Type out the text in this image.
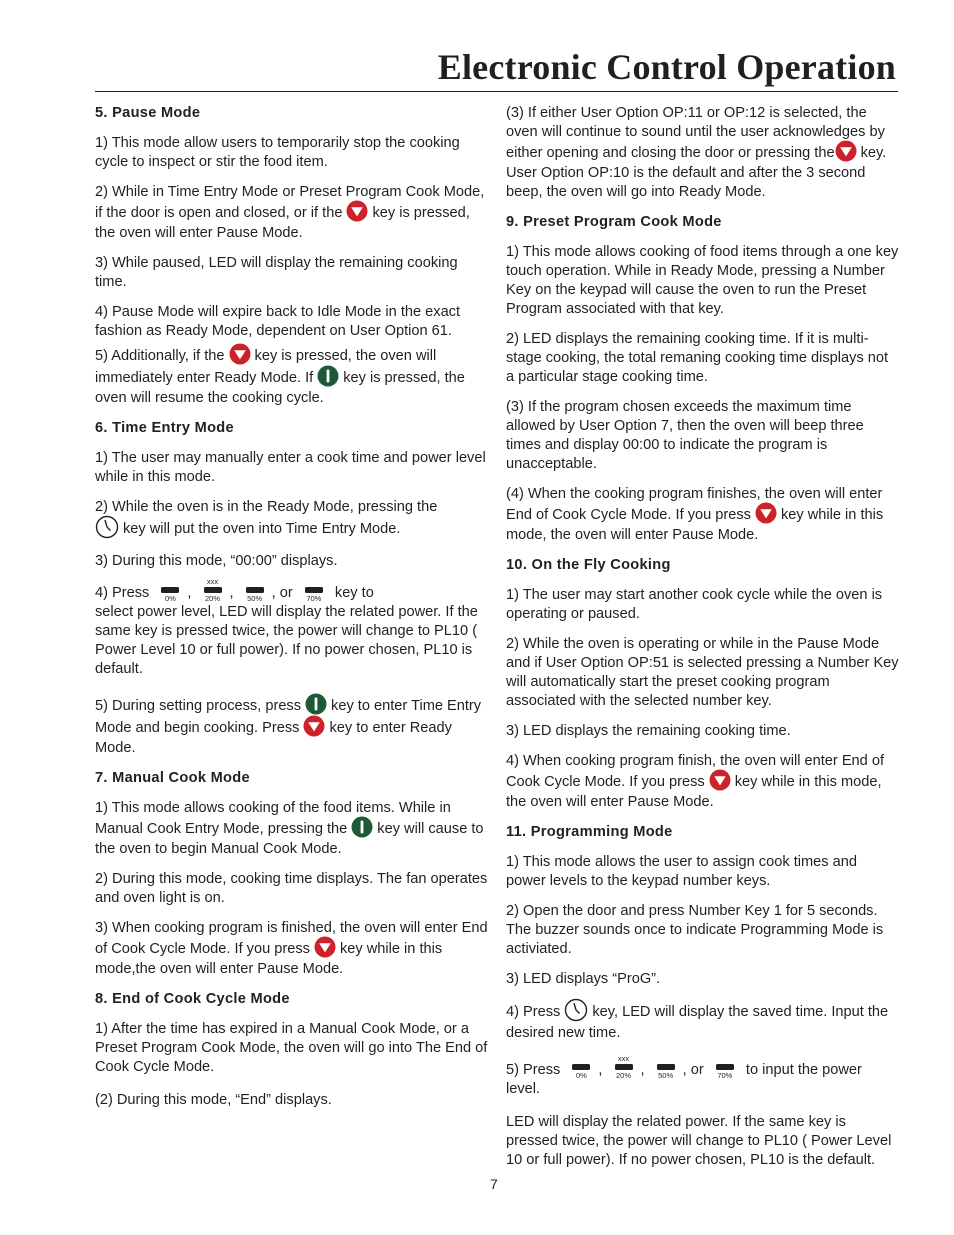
Electronic Control Operation
5. Pause Mode

1) This mode allow users to temporarily stop the cooking cycle to inspect or stir the food item.

2) While in Time Entry Mode or Preset Program Cook Mode, if the door is open and closed, or if the key is pressed, the oven will enter Pause Mode.

3) While paused, LED will display the remaining cooking time.

4) Pause Mode will expire back to Idle Mode in the exact fashion as Ready Mode, dependent on User Option 61.

5) Additionally, if the key is pressed, the oven will immediately enter Ready Mode. If key is pressed, the oven will resume the cooking cycle.

6. Time Entry Mode

1) The user may manually enter a cook time and power level while in this mode.

2) While the oven is in the Ready Mode, pressing the
key will put the oven into Time Entry Mode.

3) During this mode, “00:00” displays.

4) Press	0% ,
xxx
20% ,	50% , or	70% key to
select power level, LED will display the related power. If the same key is pressed twice, the power will change to PL10 ( Power Level 10 or full power). If no power chosen, PL10 is default.

5) During setting process, press key to enter Time Entry Mode and begin cooking. Press key to enter Ready Mode.

7. Manual Cook Mode

1) This mode allows cooking of the food items. While in Manual Cook Entry Mode, pressing the key will cause to the oven to begin Manual Cook Mode.

2) During this mode, cooking time displays. The fan operates and oven light is on.

3) When cooking program is finished, the oven will enter End of Cook Cycle Mode. If you press key while in this mode,the oven will enter Pause Mode.

8. End of Cook Cycle Mode

1) After the time has expired in a Manual Cook Mode, or a Preset Program Cook Mode, the oven will go into The End of Cook Cycle Mode.

(2) During this mode, “End” displays.

(3) If either User Option OP:11 or OP:12 is selected, the oven will continue to sound until the user acknowledges by either opening and closing the door or pressing the key. User Option OP:10 is the default and after the 3 second beep, the oven will go into Ready Mode.

9. Preset Program Cook Mode

1) This mode allows cooking of food items through a one key touch operation. While in Ready Mode, pressing a Number Key on the keypad will cause the oven to run the Preset Program associated with that key.

2) LED displays the remaining cooking time. If it is multi-stage cooking, the total remaning cooking time displays not a particular stage cooking time.

(3) If the program chosen exceeds the maximum time allowed by User Option 7, then the oven will beep three times and display 00:00 to indicate the program is unacceptable.

(4) When the cooking program finishes, the oven will enter End of Cook Cycle Mode. If you press key while in this mode, the oven will enter Pause Mode.

10. On the Fly Cooking

1) The user may start another cook cycle while the oven is operating or paused.

2) While the oven is operating or while in the Pause Mode and if User Option OP:51 is selected pressing a Number Key will automatically start the preset cooking program associated with the selected number key.

3) LED displays the remaining cooking time.

4) When cooking program finish, the oven will enter End of Cook Cycle Mode. If you press key while in this mode, the oven will enter Pause Mode.

11. Programming Mode

1) This mode allows the user to assign cook times and power levels to the keypad number keys.

2) Open the door and press Number Key 1 for 5 seconds. The buzzer sounds once to indicate Programming Mode is activiated.

3) LED displays “ProG”.

4) Press key, LED will display the saved time. Input the desired new time.

5) Press	0% ,
xxx
20% ,	50% , or	70% to input the power level.

LED will display the related power. If the same key is pressed twice, the power will change to PL10 ( Power Level 10 or full power). If no power chosen, PL10 is the default.

7
